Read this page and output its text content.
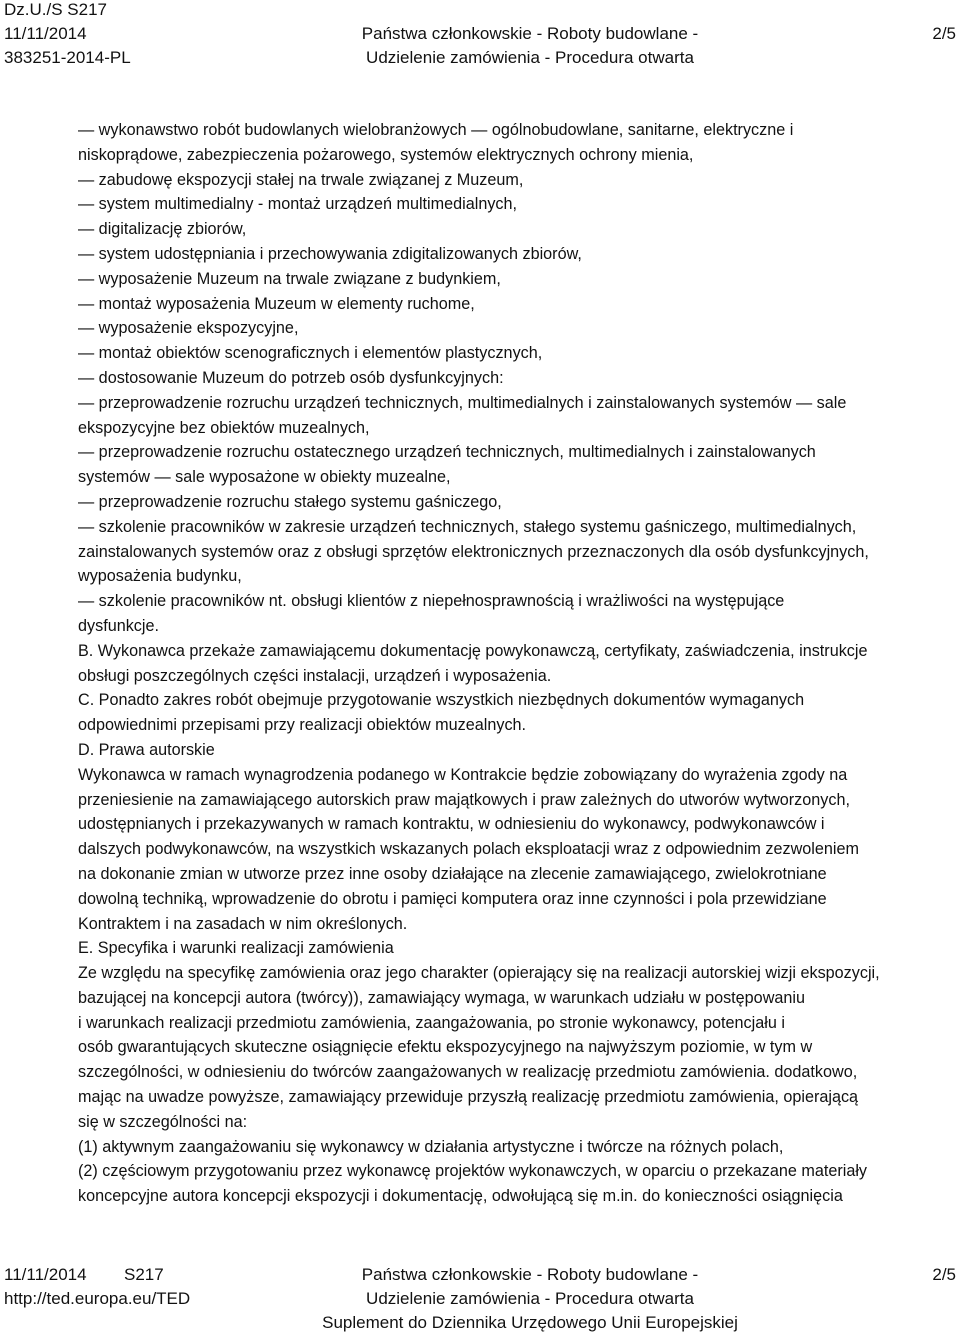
Dz.U./S S217
11/11/2014
383251-2014-PL
Państwa członkowskie - Roboty budowlane -
Udzielenie zamówienia - Procedura otwarta
2/5
— wykonawstwo robót budowlanych wielobranżowych — ogólnobudowlane, sanitarne, elektryczne i
niskoprądowe, zabezpieczenia pożarowego, systemów elektrycznych ochrony mienia,
— zabudowę ekspozycji stałej na trwale związanej z Muzeum,
— system multimedialny - montaż urządzeń multimedialnych,
— digitalizację zbiorów,
— system udostępniania i przechowywania zdigitalizowanych zbiorów,
— wyposażenie Muzeum na trwale związane z budynkiem,
— montaż wyposażenia Muzeum w elementy ruchome,
— wyposażenie ekspozycyjne,
— montaż obiektów scenograficznych i elementów plastycznych,
— dostosowanie Muzeum do potrzeb osób dysfunkcyjnych:
— przeprowadzenie rozruchu urządzeń technicznych, multimedialnych i zainstalowanych systemów — sale
ekspozycyjne bez obiektów muzealnych,
— przeprowadzenie rozruchu ostatecznego urządzeń technicznych, multimedialnych i zainstalowanych
systemów — sale wyposażone w obiekty muzealne,
— przeprowadzenie rozruchu stałego systemu gaśniczego,
— szkolenie pracowników w zakresie urządzeń technicznych, stałego systemu gaśniczego, multimedialnych,
zainstalowanych systemów oraz z obsługi sprzętów elektronicznych przeznaczonych dla osób dysfunkcyjnych,
wyposażenia budynku,
— szkolenie pracowników nt. obsługi klientów z niepełnosprawnością i wrażliwości na występujące
dysfunkcje.
B. Wykonawca przekaże zamawiającemu dokumentację powykonawczą, certyfikaty, zaświadczenia, instrukcje
obsługi poszczególnych części instalacji, urządzeń i wyposażenia.
C. Ponadto zakres robót obejmuje przygotowanie wszystkich niezbędnych dokumentów wymaganych
odpowiednimi przepisami przy realizacji obiektów muzealnych.
D. Prawa autorskie
Wykonawca w ramach wynagrodzenia podanego w Kontrakcie będzie zobowiązany do wyrażenia zgody na
przeniesienie na zamawiającego autorskich praw majątkowych i praw zależnych do utworów wytworzonych,
udostępnianych i przekazywanych w ramach kontraktu, w odniesieniu do wykonawcy, podwykonawców i
dalszych podwykonawców, na wszystkich wskazanych polach eksploatacji wraz z odpowiednim zezwoleniem
na dokonanie zmian w utworze przez inne osoby działające na zlecenie zamawiającego, zwielokrotniane
dowolną techniką, wprowadzenie do obrotu i pamięci komputera oraz inne czynności i pola przewidziane
Kontraktem i na zasadach w nim określonych.
E. Specyfika i warunki realizacji zamówienia
Ze względu na specyfikę zamówienia oraz jego charakter (opierający się na realizacji autorskiej wizji ekspozycji,
bazującej na koncepcji autora (twórcy)), zamawiający wymaga, w warunkach udziału w postępowaniu
i warunkach realizacji przedmiotu zamówienia, zaangażowania, po stronie wykonawcy, potencjału i
osób gwarantujących skuteczne osiągnięcie efektu ekspozycyjnego na najwyższym poziomie, w tym w
szczególności, w odniesieniu do twórców zaangażowanych w realizację przedmiotu zamówienia. dodatkowo,
mając na uwadze powyższe, zamawiający przewiduje przyszłą realizację przedmiotu zamówienia, opierającą
się w szczególności na:
(1) aktywnym zaangażowaniu się wykonawcy w działania artystyczne i twórcze na różnych polach,
(2) częściowym przygotowaniu przez wykonawcę projektów wykonawczych, w oparciu o przekazane materiały
koncepcyjne autora koncepcji ekspozycji i dokumentację, odwołującą się m.in. do konieczności osiągnięcia
11/11/2014 S217
http://ted.europa.eu/TED
Państwa członkowskie - Roboty budowlane -
Udzielenie zamówienia - Procedura otwarta
Suplement do Dziennika Urzędowego Unii Europejskiej
2/5
